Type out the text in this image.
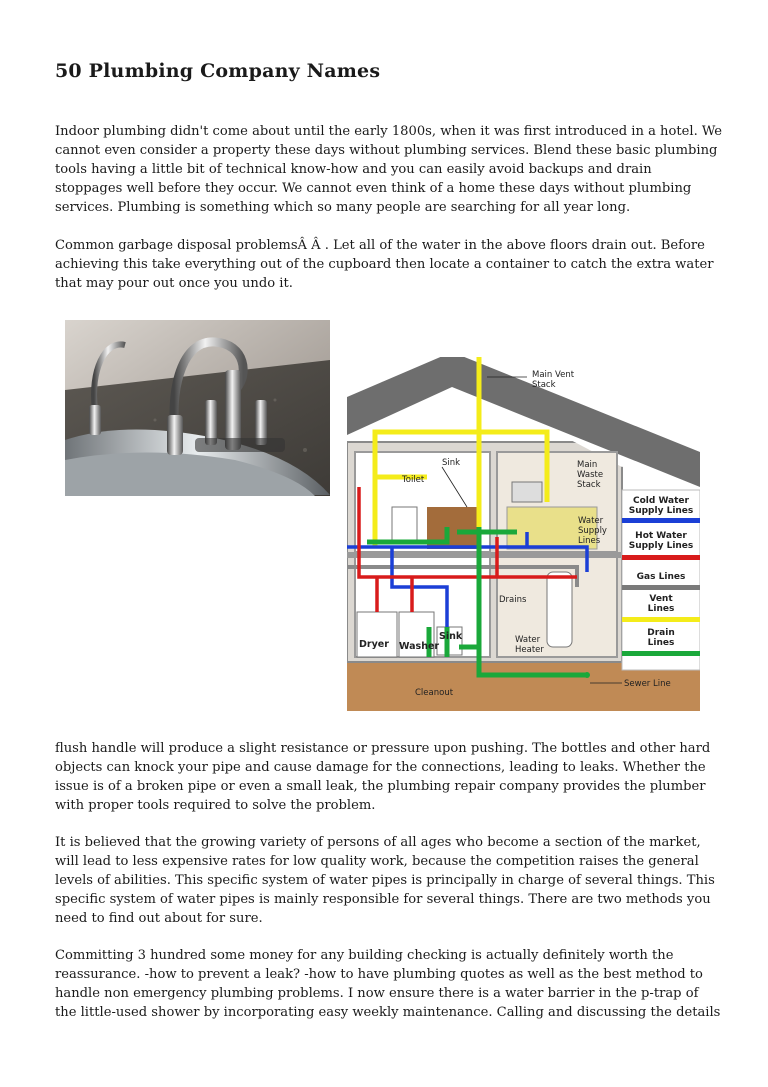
50 Plumbing Company Names

Indoor plumbing didn't come about until the early 1800s, when it was first introduced in a hotel. We cannot even consider a property these days without plumbing services. Blend these basic plumbing tools having a little bit of technical know-how and you can easily avoid backups and drain stoppages well before they occur. We cannot even think of a home these days without plumbing services. Plumbing is something which so many people are searching for all year long.

Common garbage disposal problemsÂ Â . Let all of the water in the above floors drain out. Before achieving this take everything out of the cupboard then locate a container to catch the extra water that may pour out once you undo it.

Main Vent
Stack
Sink
Toilet
Main
Waste
Stack
Water
Supply
Lines
Drains
Dryer Washer
Sink	Water
Heater
Cleanout
Sewer Line
Cold Water
Supply Lines
Hot Water
Supply Lines
Gas Lines
Vent
Lines
Drain
Lines

flush handle will produce a slight resistance or pressure upon pushing. The bottles and other hard objects can knock your pipe and cause damage for the connections, leading to leaks. Whether the issue is of a broken pipe or even a small leak, the plumbing repair company provides the plumber with proper tools required to solve the problem.

It is believed that the growing variety of persons of all ages who become a section of the market, will lead to less expensive rates for low quality work, because the competition raises the general levels of abilities. This specific system of water pipes is principally in charge of several things. This specific system of water pipes is mainly responsible for several things. There are two methods you need to find out about for sure.

Committing 3 hundred some money for any building checking is actually definitely worth the reassurance. -how to prevent a leak? -how to have plumbing quotes as well as the best method to handle non emergency plumbing problems. I now ensure there is a water barrier in the p-trap of the little-used shower by incorporating easy weekly maintenance. Calling and discussing the details
